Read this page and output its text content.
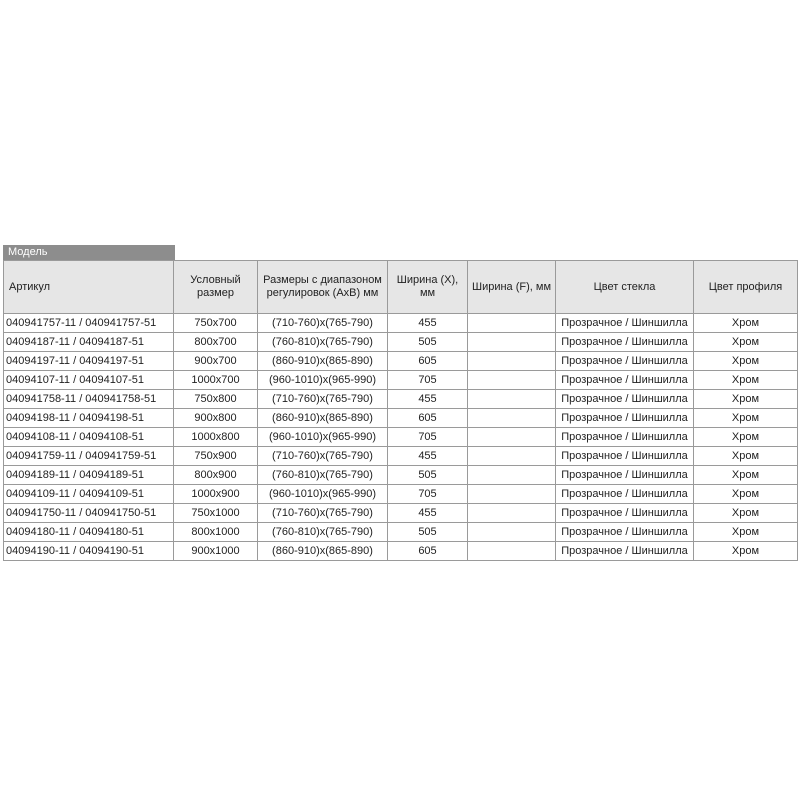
Модель
Артикул	Условный размер	Размеры с диапазоном регулировок (АхВ) мм	Ширина (Х), мм	Ширина (F), мм	Цвет стекла	Цвет профиля
040941757-11 / 040941757-51	750x700	(710-760)x(765-790)	455		Прозрачное / Шиншилла	Хром
04094187-11 / 04094187-51	800x700	(760-810)x(765-790)	505		Прозрачное / Шиншилла	Хром
04094197-11 / 04094197-51	900x700	(860-910)x(865-890)	605		Прозрачное / Шиншилла	Хром
04094107-11 / 04094107-51	1000x700	(960-1010)x(965-990)	705		Прозрачное / Шиншилла	Хром
040941758-11 / 040941758-51	750x800	(710-760)x(765-790)	455		Прозрачное / Шиншилла	Хром
04094198-11 / 04094198-51	900x800	(860-910)x(865-890)	605		Прозрачное / Шиншилла	Хром
04094108-11 / 04094108-51	1000x800	(960-1010)x(965-990)	705		Прозрачное / Шиншилла	Хром
040941759-11 / 040941759-51	750x900	(710-760)x(765-790)	455		Прозрачное / Шиншилла	Хром
04094189-11 / 04094189-51	800x900	(760-810)x(765-790)	505		Прозрачное / Шиншилла	Хром
04094109-11 / 04094109-51	1000x900	(960-1010)x(965-990)	705		Прозрачное / Шиншилла	Хром
040941750-11 / 040941750-51	750x1000	(710-760)x(765-790)	455		Прозрачное / Шиншилла	Хром
04094180-11 / 04094180-51	800x1000	(760-810)x(765-790)	505		Прозрачное / Шиншилла	Хром
04094190-11 / 04094190-51	900x1000	(860-910)x(865-890)	605		Прозрачное / Шиншилла	Хром
